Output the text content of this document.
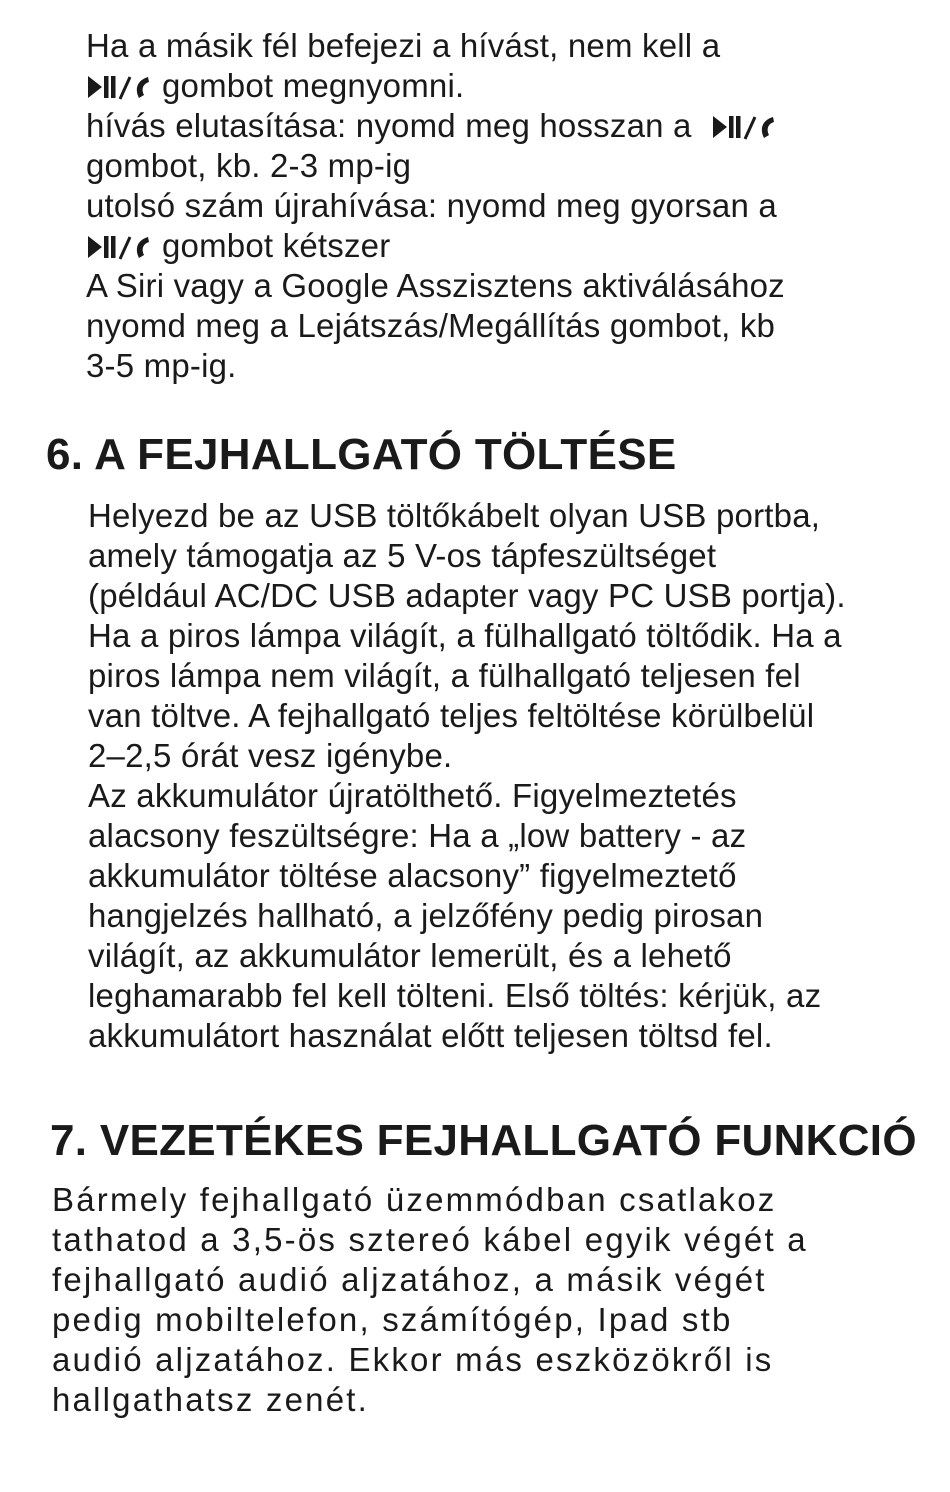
Ha a másik fél befejezi a hívást, nem kell a
gombot megnyomni.
hívás elutasítása: nyomd meg hosszan a
gombot, kb. 2-3 mp-ig
utolsó szám újrahívása: nyomd meg gyorsan a
gombot kétszer
A Siri vagy a Google Asszisztens aktiválásához
nyomd meg a Lejátszás/Megállítás gombot, kb
3-5 mp-ig.
6. A FEJHALLGATÓ TÖLTÉSE
Helyezd be az USB töltőkábelt olyan USB portba,
amely támogatja az 5 V-os tápfeszültséget
(például AC/DC USB adapter vagy PC USB portja).
Ha a piros lámpa világít, a fülhallgató töltődik. Ha a
piros lámpa nem világít, a fülhallgató teljesen fel
van töltve. A fejhallgató teljes feltöltése körülbelül
2–2,5 órát vesz igénybe.
Az akkumulátor újratölthető. Figyelmeztetés
alacsony feszültségre: Ha a „low battery - az
akkumulátor töltése alacsony” figyelmeztető
hangjelzés hallható, a jelzőfény pedig pirosan
világít, az akkumulátor lemerült, és a lehető
leghamarabb fel kell tölteni. Első töltés: kérjük, az
akkumulátort használat előtt teljesen töltsd fel.
7. VEZETÉKES FEJHALLGATÓ FUNKCIÓ
Bármely fejhallgató üzemmódban csatlakoz
tathatod a 3,5-ös sztereó kábel egyik végét a
fejhallgató audió aljzatához, a másik végét
pedig mobiltelefon, számítógép, Ipad stb
audió aljzatához. Ekkor más eszközökről is
hallgathatsz zenét.
